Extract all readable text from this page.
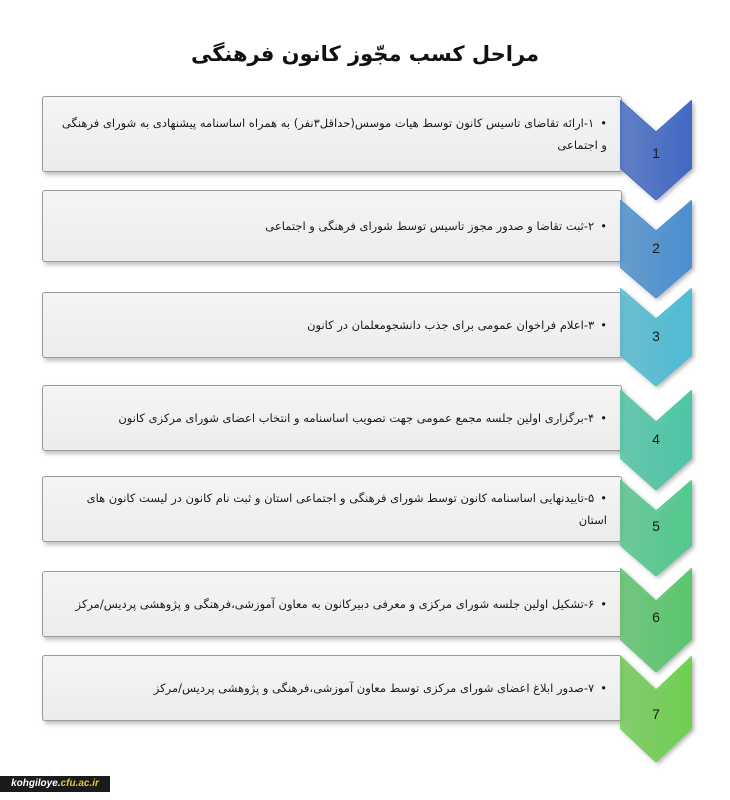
مراحل کسب مجّوز کانون فرهنگی
•۱-ارائه تقاضای تاسیس کانون توسط هیات موسس(حداقل۳نفر) به همراه اساسنامه پیشنهادی به شورای فرهنگی و اجتماعی	1
•۲-ثبت تقاضا و صدور مجوز تاسیس توسط شورای فرهنگی و اجتماعی
2
•۳-اعلام فراخوان عمومی برای جذب دانشجومعلمان در کانون
3
•۴-برگزاری اولین جلسه مجمع عمومی جهت تصویب اساسنامه و انتخاب اعضای شورای مرکزی کانون
4
•۵-تاییدنهایی اساسنامه کانون توسط شورای فرهنگی و اجتماعی استان و ثبت نام کانون در لیست کانون های استان	5
•۶-تشکیل اولین جلسه شورای مرکزی و معرفی دبیرکانون به معاون آموزشی،فرهنگی و پژوهشی پردیس/مرکز
6
•۷-صدور ابلاغ اعضای شورای مرکزی توسط معاون آموزشی،فرهنگی و پژوهشی پردیس/مرکز
7
kohgiloye.cfu.ac.ir
